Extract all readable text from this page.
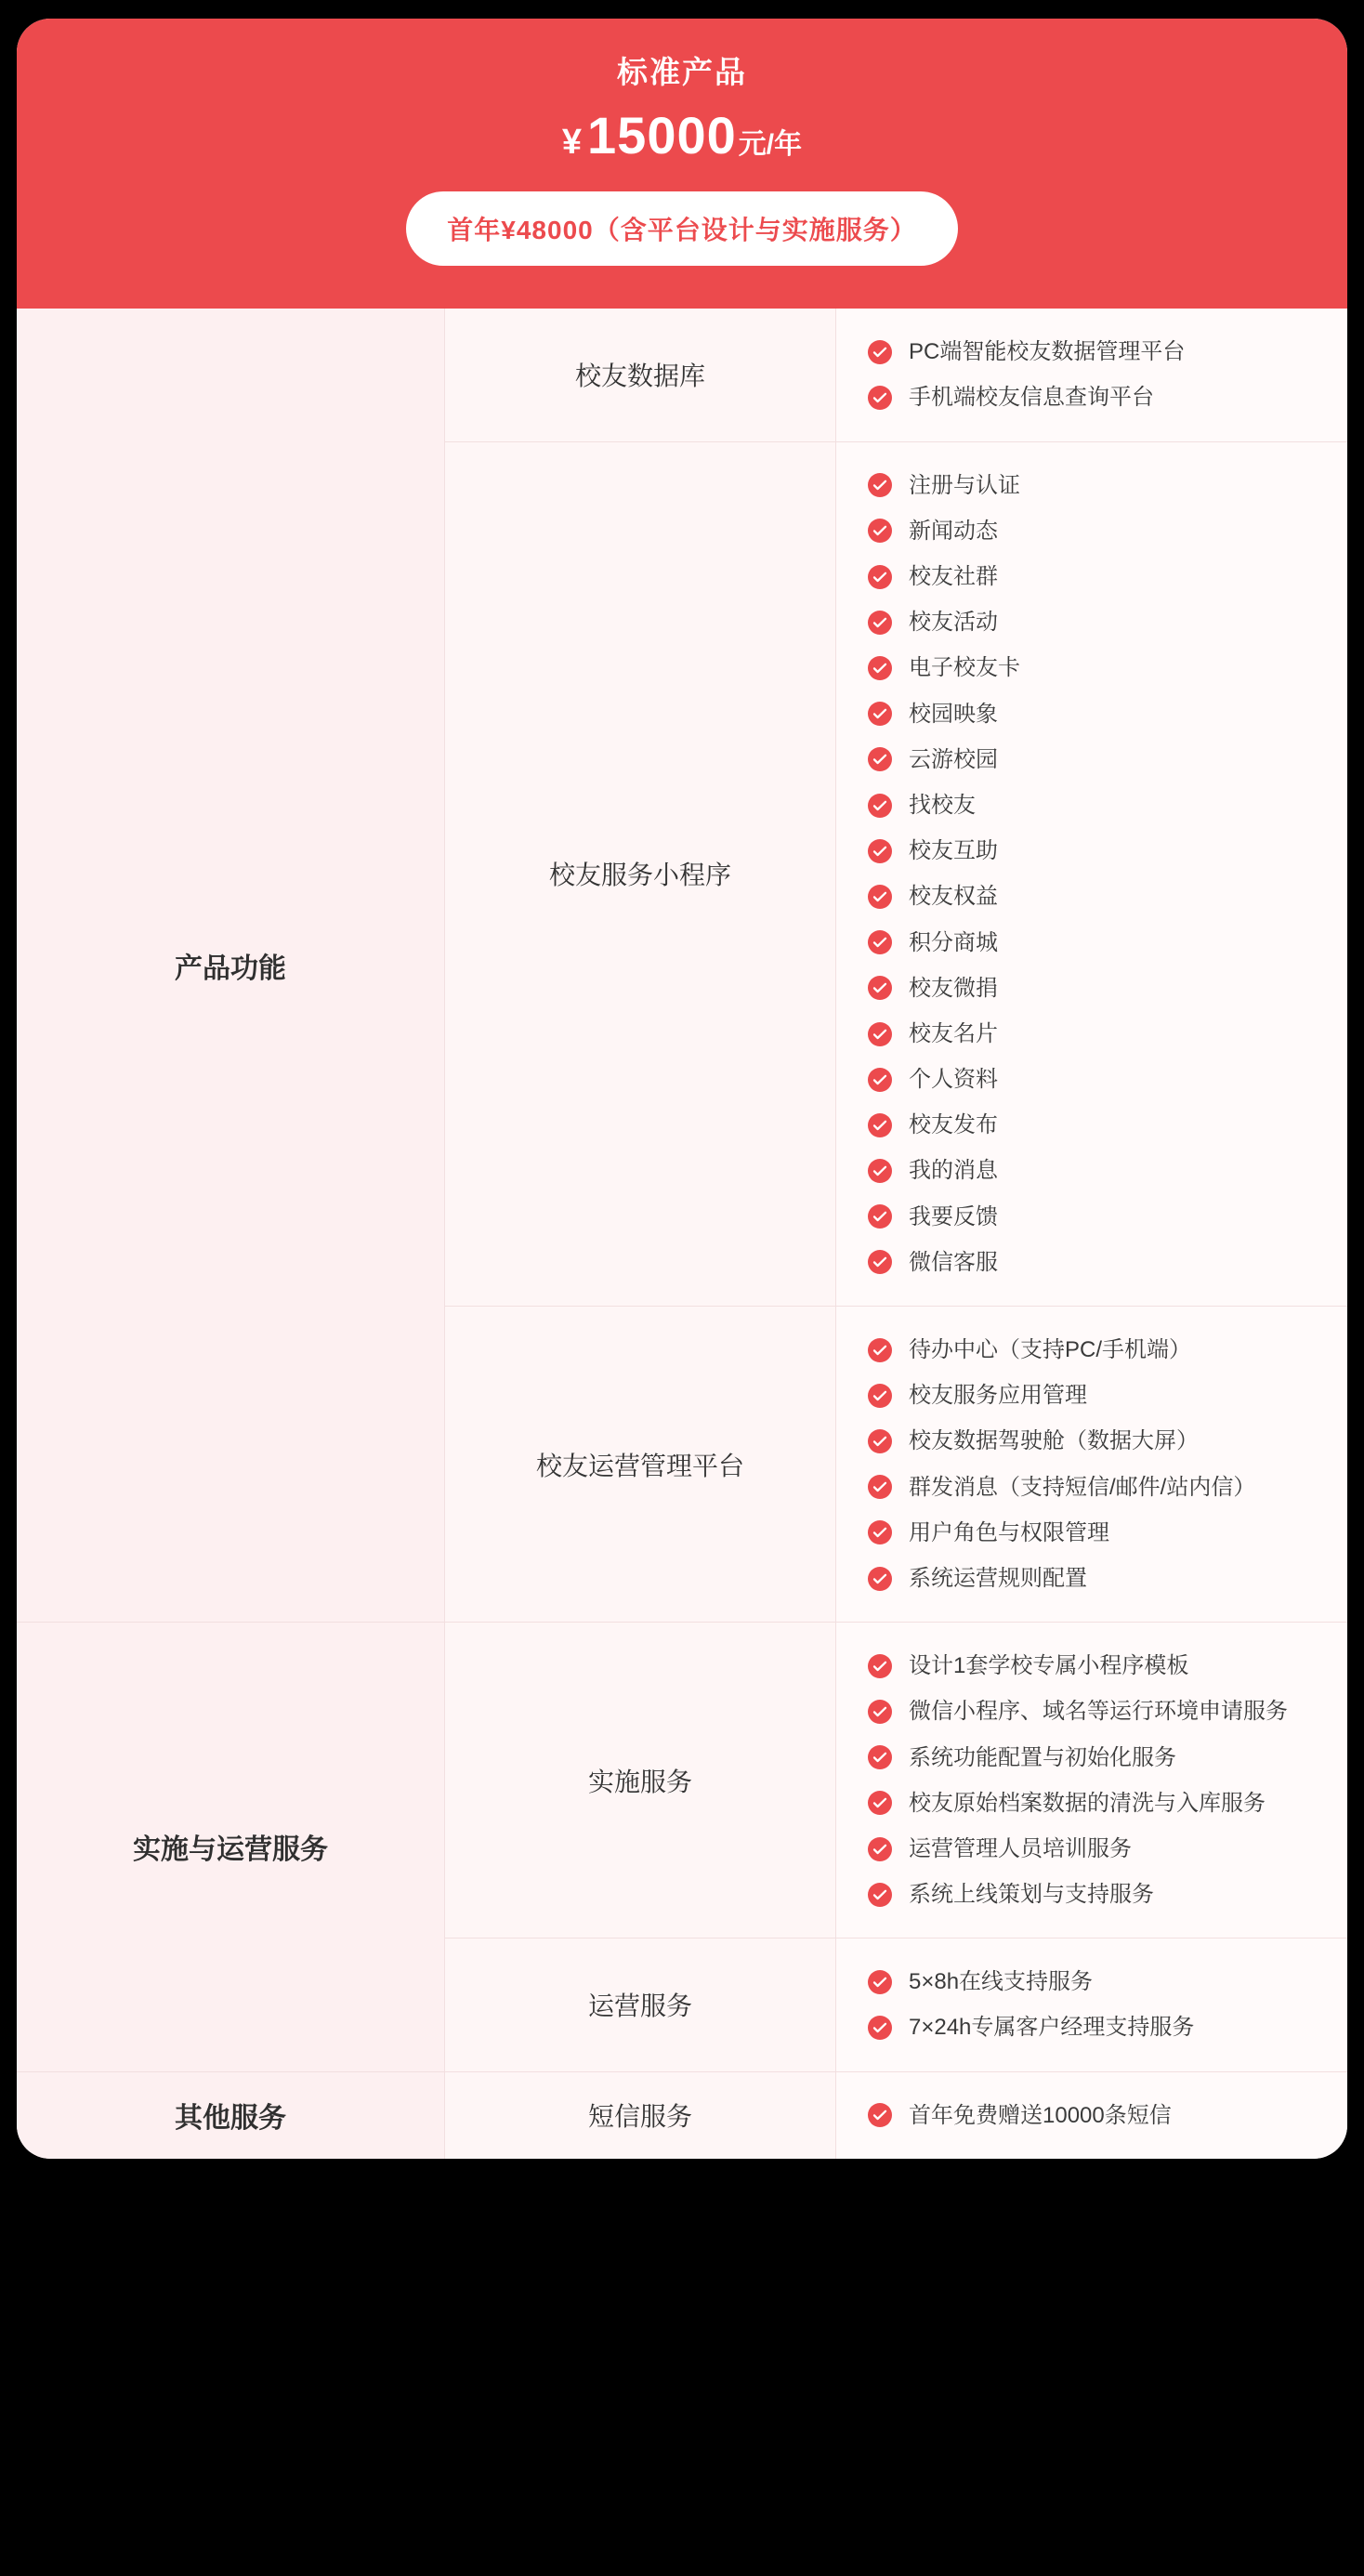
标准产品
¥ 15000 元/年
首年¥48000（含平台设计与实施服务）
产品功能	校友数据库	
PC端智能校友数据管理平台
手机端校友信息查询平台

校友服务小程序	
注册与认证
新闻动态
校友社群
校友活动
电子校友卡
校园映象
云游校园
找校友
校友互助
校友权益
积分商城
校友微捐
校友名片
个人资料
校友发布
我的消息
我要反馈
微信客服

校友运营管理平台	
待办中心（支持PC/手机端）
校友服务应用管理
校友数据驾驶舱（数据大屏）
群发消息（支持短信/邮件/站内信）
用户角色与权限管理
系统运营规则配置

实施与运营服务	实施服务	
设计1套学校专属小程序模板
微信小程序、域名等运行环境申请服务
系统功能配置与初始化服务
校友原始档案数据的清洗与入库服务
运营管理人员培训服务
系统上线策划与支持服务

运营服务	
5×8h在线支持服务
7×24h专属客户经理支持服务

其他服务	短信服务	首年免费赠送10000条短信
